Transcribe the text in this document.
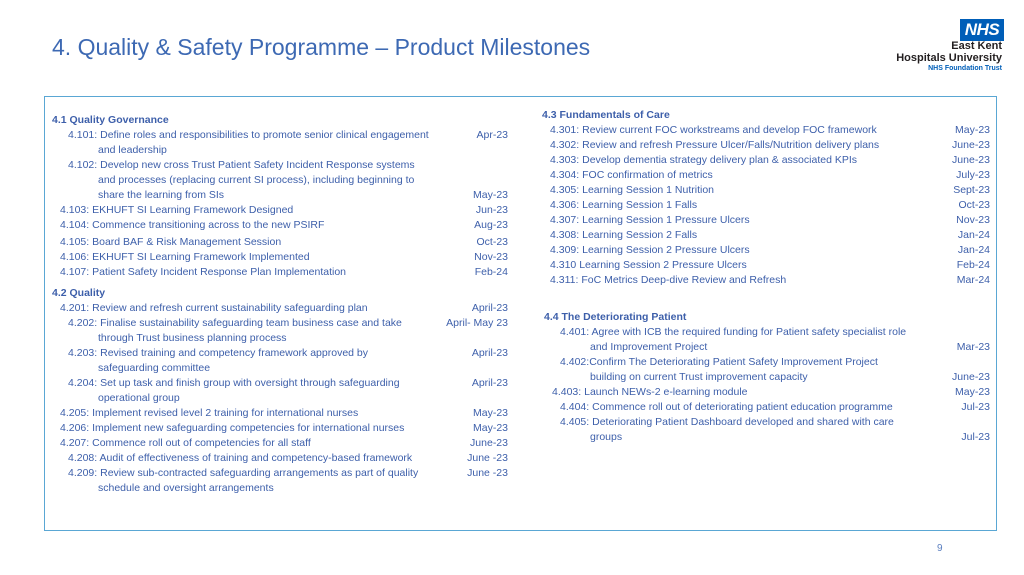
4. Quality & Safety Programme – Product Milestones
NHS
East Kent
Hospitals University
NHS Foundation Trust
4.1 Quality Governance
4.101: Define roles and responsibilities to promote senior clinical engagement and leadership
Apr-23
4.102: Develop new cross Trust Patient Safety Incident Response systems and processes (replacing current SI process), including beginning to share the learning from SIs	May-23
4.103: EKHUFT SI Learning Framework Designed	Jun-23
4.104: Commence transitioning across to the new PSIRF	Aug-23
4.105: Board BAF & Risk Management Session	Oct-23
4.106: EKHUFT SI Learning Framework Implemented	Nov-23
4.107: Patient Safety Incident Response Plan Implementation	Feb-24
4.2 Quality
4.201: Review and refresh current sustainability safeguarding plan	April-23
4.202: Finalise sustainability safeguarding team business case and take through Trust business planning process
April- May 23
4.203: Revised training and competency framework approved by safeguarding committee
April-23
4.204: Set up task and finish group with oversight through safeguarding operational group
April-23
4.205: Implement revised level 2 training for international nurses	May-23
4.206: Implement new safeguarding competencies for international nurses	May-23
4.207: Commence roll out of competencies for all staff	June-23
4.208: Audit of effectiveness of training and competency-based framework	June -23
4.209: Review sub-contracted safeguarding arrangements as part of quality schedule and oversight arrangements
June -23
4.3 Fundamentals of Care
4.301: Review current FOC workstreams and develop FOC framework	May-23
4.302: Review and refresh Pressure Ulcer/Falls/Nutrition delivery plans	June-23
4.303: Develop dementia strategy delivery plan & associated KPIs	June-23
4.304: FOC confirmation of metrics	July-23
4.305: Learning Session 1 Nutrition	Sept-23
4.306: Learning Session 1 Falls	Oct-23
4.307: Learning Session 1 Pressure Ulcers	Nov-23
4.308: Learning Session 2 Falls	Jan-24
4.309: Learning Session 2 Pressure Ulcers	Jan-24
4.310 Learning Session 2 Pressure Ulcers	Feb-24
4.311: FoC Metrics Deep-dive Review and Refresh	Mar-24
4.4 The Deteriorating Patient
4.401: Agree with ICB the required funding for Patient safety specialist role and Improvement Project	Mar-23
4.402:Confirm The Deteriorating Patient Safety Improvement Project building on current Trust improvement capacity	June-23
4.403: Launch NEWs-2 e-learning module	May-23
4.404: Commence roll out of deteriorating patient education programme	Jul-23
4.405: Deteriorating Patient Dashboard developed and shared with care groups	Jul-23
9
